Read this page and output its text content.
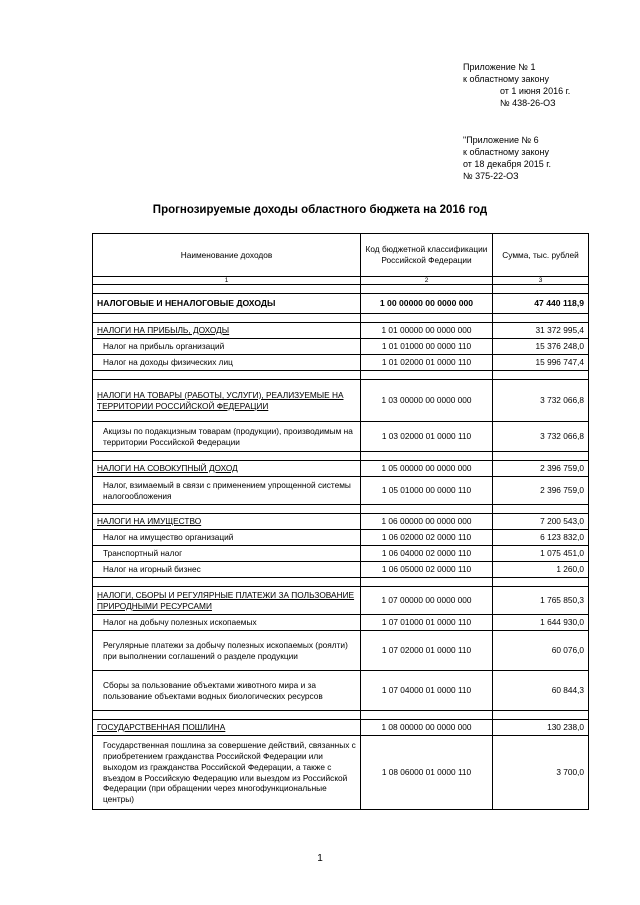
Приложение № 1
к областному закону
от 1 июня 2016 г.
№ 438-26-ОЗ
"Приложение № 6
к областному закону
от 18 декабря 2015 г.
№ 375-22-ОЗ
Прогнозируемые доходы областного бюджета на 2016 год
Наименование доходов	Код бюджетной классификации Российской Федерации	Сумма, тыс. рублей
1	2	3

НАЛОГОВЫЕ И НЕНАЛОГОВЫЕ ДОХОДЫ	1 00 00000 00 0000 000	47 440 118,9

НАЛОГИ НА ПРИБЫЛЬ, ДОХОДЫ	1 01 00000 00 0000 000	31 372 995,4
Налог на прибыль организаций	1 01 01000 00 0000 110	15 376 248,0
Налог на доходы физических лиц	1 01 02000 01 0000 110	15 996 747,4

НАЛОГИ НА ТОВАРЫ (РАБОТЫ, УСЛУГИ), РЕАЛИЗУЕМЫЕ НА ТЕРРИТОРИИ РОССИЙСКОЙ ФЕДЕРАЦИИ	1 03 00000 00 0000 000	3 732 066,8
Акцизы по подакцизным товарам (продукции), производимым на территории Российской Федерации	1 03 02000 01 0000 110	3 732 066,8

НАЛОГИ НА СОВОКУПНЫЙ ДОХОД	1 05 00000 00 0000 000	2 396 759,0
Налог, взимаемый в связи с применением упрощенной системы налогообложения	1 05 01000 00 0000 110	2 396 759,0

НАЛОГИ НА ИМУЩЕСТВО	1 06 00000 00 0000 000	7 200 543,0
Налог на имущество организаций	1 06 02000 02 0000 110	6 123 832,0
Транспортный налог	1 06 04000 02 0000 110	1 075 451,0
Налог на игорный бизнес	1 06 05000 02 0000 110	1 260,0

НАЛОГИ, СБОРЫ И РЕГУЛЯРНЫЕ ПЛАТЕЖИ ЗА ПОЛЬЗОВАНИЕ ПРИРОДНЫМИ РЕСУРСАМИ	1 07 00000 00 0000 000	1 765 850,3
Налог на добычу полезных ископаемых	1 07 01000 01 0000 110	1 644 930,0
Регулярные платежи за добычу полезных ископаемых (роялти) при выполнении соглашений о разделе продукции	1 07 02000 01 0000 110	60 076,0
Сборы за пользование объектами животного мира и за пользование объектами водных биологических ресурсов	1 07 04000 01 0000 110	60 844,3

ГОСУДАРСТВЕННАЯ ПОШЛИНА	1 08 00000 00 0000 000	130 238,0
Государственная пошлина за совершение действий, связанных с приобретением гражданства Российской Федерации или выходом из гражданства Российской Федерации, а также с въездом в Российскую Федерацию или выездом из Российской Федерации (при обращении через многофункциональные центры)	1 08 06000 01 0000 110	3 700,0
1
